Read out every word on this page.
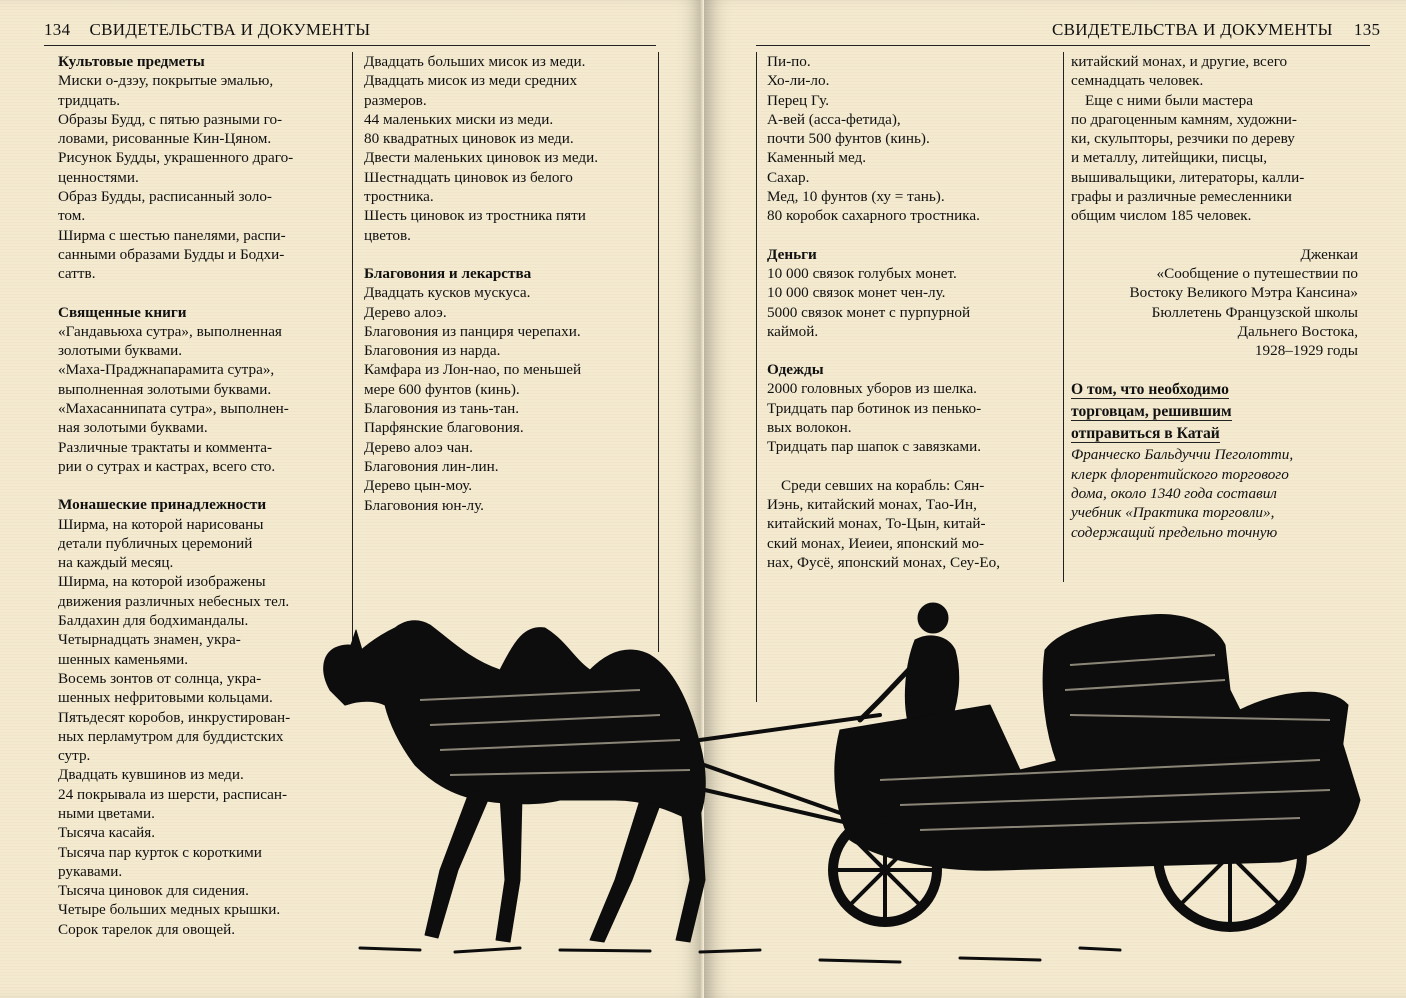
134 СВИДЕТЕЛЬСТВА И ДОКУМЕНТЫ
Культовые предметы
Миски о-дзэу, покрытые эмалью,
тридцать.
Образы Будд, с пятью разными го-
ловами, рисованные Кин-Цяном.
Рисунок Будды, украшенного драго-
ценностями.
Образ Будды, расписанный золо-
том.
Ширма с шестью панелями, распи-
санными образами Будды и Бодхи-
саттв.
Священные книги
«Гандавьюха сутра», выполненная
золотыми буквами.
«Маха-Праджнапарамита сутра»,
выполненная золотыми буквами.
«Махасаннипата сутра», выполнен-
ная золотыми буквами.
Различные трактаты и коммента-
рии о сутрах и кастрах, всего сто.
Монашеские принадлежности
Ширма, на которой нарисованы
детали публичных церемоний
на каждый месяц.
Ширма, на которой изображены
движения различных небесных тел.
Балдахин для бодхимандалы.
Четырнадцать знамен, укра-
шенных каменьями.
Восемь зонтов от солнца, укра-
шенных нефритовыми кольцами.
Пятьдесят коробов, инкрустирован-
ных перламутром для буддистских
сутр.
Двадцать кувшинов из меди.
24 покрывала из шерсти, расписан-
ными цветами.
Тысяча касайя.
Тысяча пар курток с короткими
рукавами.
Тысяча циновок для сидения.
Четыре больших медных крышки.
Сорок тарелок для овощей.
Двадцать больших мисок из меди.
Двадцать мисок из меди средних
размеров.
44 маленьких миски из меди.
80 квадратных циновок из меди.
Двести маленьких циновок из меди.
Шестнадцать циновок из белого
тростника.
Шесть циновок из тростника пяти
цветов.
Благовония и лекарства
Двадцать кусков мускуса.
Дерево алоэ.
Благовония из панциря черепахи.
Благовония из нарда.
Камфара из Лон-нао, по меньшей
мере 600 фунтов (кинь).
Благовония из тань-тан.
Парфянские благовония.
Дерево алоэ чан.
Благовония лин-лин.
Дерево цын-моу.
Благовония юн-лу.
СВИДЕТЕЛЬСТВА И ДОКУМЕНТЫ 135
Пи-по.
Хо-ли-ло.
Перец Гу.
А-вей (асса-фетида),
почти 500 фунтов (кинь).
Каменный мед.
Сахар.
Мед, 10 фунтов (ху = тань).
80 коробок сахарного тростника.
Деньги
10 000 связок голубых монет.
10 000 связок монет чен-лу.
5000 связок монет с пурпурной
каймой.
Одежды
2000 головных уборов из шелка.
Тридцать пар ботинок из пенько-
вых волокон.
Тридцать пар шапок с завязками.
Среди севших на корабль: Сян-
Иэнь, китайский монах, Тао-Ин,
китайский монах, То-Цын, китай-
ский монах, Иеиеи, японский мо-
нах, Фусё, японский монах, Сеу-Ео,
китайский монах, и другие, всего
семнадцать человек.
Еще с ними были мастера
по драгоценным камням, художни-
ки, скульпторы, резчики по дереву
и металлу, литейщики, писцы,
вышивальщики, литераторы, калли-
графы и различные ремесленники
общим числом 185 человек.
Дженкаи
«Сообщение о путешествии по
Востоку Великого Мэтра Кансина»
Бюллетень Французской школы
Дальнего Востока,
1928–1929 годы
О том, что необходимо
торговцам, решившим
отправиться в Катай
Франческо Бальдуччи Пеголотти,
клерк флорентийского торгового
дома, около 1340 года составил
учебник «Практика торговли»,
содержащий предельно точную
